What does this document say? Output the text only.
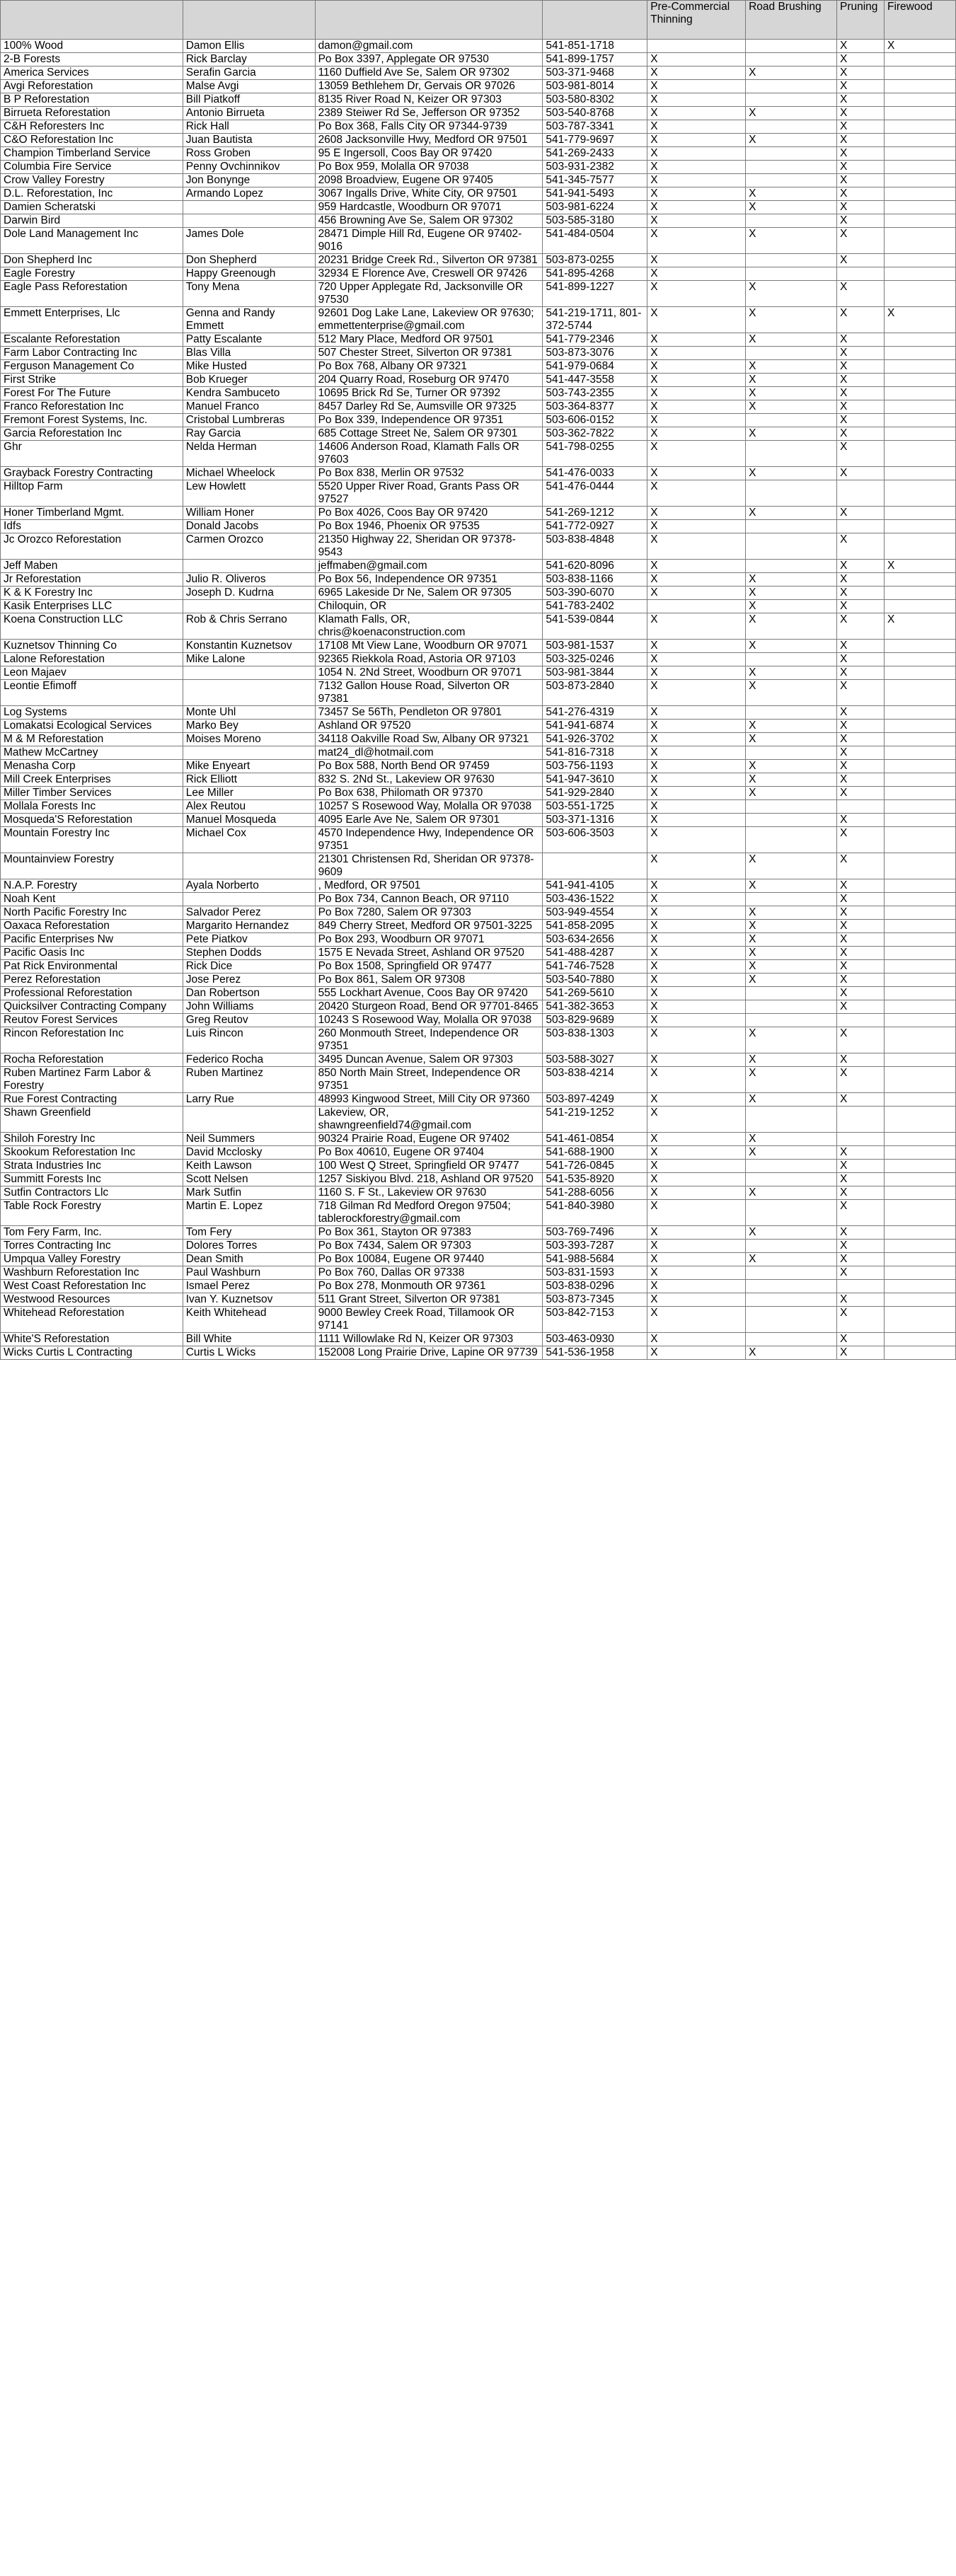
				Pre-Commercial Thinning	Road Brushing	Pruning	Firewood
100% Wood	Damon Ellis	damon@gmail.com	541-851-1718			X	X
2-B Forests	Rick Barclay	Po Box 3397, Applegate OR 97530	541-899-1757	X		X	
America Services	Serafin Garcia	1160 Duffield Ave Se, Salem OR 97302	503-371-9468	X	X	X	
Avgi Reforestation	Malse Avgi	13059 Bethlehem Dr, Gervais OR 97026	503-981-8014	X		X	
B P Reforestation	Bill Piatkoff	8135 River Road N, Keizer OR 97303	503-580-8302	X		X	
Birrueta Reforestation	Antonio Birrueta	2389 Steiwer Rd Se, Jefferson OR 97352	503-540-8768	X	X	X	
C&H Reforesters Inc	Rick Hall	Po Box 368, Falls City OR 97344-9739	503-787-3341	X		X	
C&O Reforestation Inc	Juan Bautista	2608 Jacksonville Hwy, Medford OR 97501	541-779-9697	X	X	X	
Champion Timberland Service	Ross Groben	95 E Ingersoll, Coos Bay OR 97420	541-269-2433	X		X	
Columbia Fire Service	Penny Ovchinnikov	Po Box 959, Molalla OR 97038	503-931-2382	X		X	
Crow Valley Forestry	Jon Bonynge	2098 Broadview, Eugene OR 97405	541-345-7577	X		X	
D.L. Reforestation, Inc	Armando Lopez	3067 Ingalls Drive, White City, OR 97501	541-941-5493	X	X	X	
Damien Scheratski		959 Hardcastle, Woodburn OR 97071	503-981-6224	X	X	X	
Darwin Bird		456 Browning Ave Se, Salem OR 97302	503-585-3180	X		X	
Dole Land Management Inc	James Dole	28471 Dimple Hill Rd, Eugene OR 97402-9016	541-484-0504	X	X	X	
Don Shepherd Inc	Don Shepherd	20231 Bridge Creek Rd., Silverton OR 97381	503-873-0255	X		X	
Eagle Forestry	Happy Greenough	32934 E Florence Ave, Creswell OR 97426	541-895-4268	X			
Eagle Pass Reforestation	Tony Mena	720 Upper Applegate Rd, Jacksonville OR 97530	541-899-1227	X	X	X	
Emmett Enterprises, Llc	Genna and Randy Emmett	92601 Dog Lake Lane, Lakeview OR 97630; emmettenterprise@gmail.com	541-219-1711, 801-372-5744	X	X	X	X
Escalante Reforestation	Patty Escalante	512 Mary Place, Medford OR 97501	541-779-2346	X	X	X	
Farm Labor Contracting Inc	Blas Villa	507 Chester Street, Silverton OR 97381	503-873-3076	X		X	
Ferguson Management Co	Mike Husted	Po Box 768, Albany OR 97321	541-979-0684	X	X	X	
First Strike	Bob Krueger	204 Quarry Road, Roseburg OR 97470	541-447-3558	X	X	X	
Forest For The Future	Kendra Sambuceto	10695 Brick Rd Se, Turner OR 97392	503-743-2355	X	X	X	
Franco Reforestation Inc	Manuel Franco	8457 Darley Rd Se, Aumsville OR 97325	503-364-8377	X	X	X	
Fremont Forest Systems, Inc.	Cristobal Lumbreras	Po Box 339, Independence OR 97351	503-606-0152	X		X	
Garcia Reforestation Inc	Ray Garcia	685 Cottage Street Ne, Salem OR 97301	503-362-7822	X	X	X	
Ghr	Nelda Herman	14606 Anderson Road, Klamath Falls OR 97603	541-798-0255	X		X	
Grayback Forestry Contracting	Michael Wheelock	Po Box 838, Merlin OR 97532	541-476-0033	X	X	X	
Hilltop Farm	Lew Howlett	5520 Upper River Road, Grants Pass OR 97527	541-476-0444	X			
Honer Timberland Mgmt.	William Honer	Po Box 4026, Coos Bay OR 97420	541-269-1212	X	X	X	
Idfs	Donald Jacobs	Po Box 1946, Phoenix OR 97535	541-772-0927	X			
Jc Orozco Reforestation	Carmen Orozco	21350 Highway 22, Sheridan OR 97378-9543	503-838-4848	X		X	
Jeff Maben		jeffmaben@gmail.com	541-620-8096	X		X	X
Jr Reforestation	Julio R. Oliveros	Po Box 56, Independence OR 97351	503-838-1166	X	X	X	
K & K Forestry Inc	Joseph D. Kudrna	6965 Lakeside Dr Ne, Salem OR 97305	503-390-6070	X	X	X	
Kasik Enterprises LLC		Chiloquin, OR	541-783-2402		X	X	
Koena Construction LLC	Rob & Chris Serrano	Klamath Falls, OR, chris@koenaconstruction.com	541-539-0844	X	X	X	X
Kuznetsov Thinning Co	Konstantin Kuznetsov	17108 Mt View Lane, Woodburn OR 97071	503-981-1537	X	X	X	
Lalone Reforestation	Mike Lalone	92365 Riekkola Road, Astoria OR 97103	503-325-0246	X		X	
Leon Majaev		1054 N. 2Nd Street, Woodburn OR 97071	503-981-3844	X	X	X	
Leontie Efimoff		7132 Gallon House Road, Silverton OR 97381	503-873-2840	X	X	X	
Log Systems	Monte Uhl	73457 Se 56Th, Pendleton OR 97801	541-276-4319	X		X	
Lomakatsi Ecological Services	Marko Bey	Ashland OR 97520	541-941-6874	X	X	X	
M & M Reforestation	Moises Moreno	34118 Oakville Road Sw, Albany OR 97321	541-926-3702	X	X	X	
Mathew McCartney		mat24_dl@hotmail.com	541-816-7318	X		X	
Menasha Corp	Mike Enyeart	Po Box 588, North Bend OR 97459	503-756-1193	X	X	X	
Mill Creek Enterprises	Rick Elliott	832 S. 2Nd St., Lakeview OR 97630	541-947-3610	X	X	X	
Miller Timber Services	Lee Miller	Po Box 638, Philomath OR 97370	541-929-2840	X	X	X	
Mollala Forests Inc	Alex Reutou	10257 S Rosewood Way, Molalla OR 97038	503-551-1725	X			
Mosqueda'S Reforestation	Manuel Mosqueda	4095 Earle Ave Ne, Salem OR 97301	503-371-1316	X		X	
Mountain Forestry Inc	Michael Cox	4570 Independence Hwy, Independence OR 97351	503-606-3503	X		X	
Mountainview Forestry		21301 Christensen Rd, Sheridan OR 97378-9609		X	X	X	
N.A.P. Forestry	Ayala Norberto	, Medford, OR 97501	541-941-4105	X	X	X	
Noah Kent		Po Box 734, Cannon Beach, OR 97110	503-436-1522	X		X	
North Pacific Forestry Inc	Salvador Perez	Po Box 7280, Salem OR 97303	503-949-4554	X	X	X	
Oaxaca Reforestation	Margarito Hernandez	849 Cherry Street, Medford OR 97501-3225	541-858-2095	X	X	X	
Pacific Enterprises Nw	Pete Piatkov	Po Box 293, Woodburn OR 97071	503-634-2656	X	X	X	
Pacific Oasis Inc	Stephen Dodds	1575 E Nevada Street, Ashland OR 97520	541-488-4287	X	X	X	
Pat Rick Environmental	Rick Dice	Po Box 1508, Springfield OR 97477	541-746-7528	X	X	X	
Perez Reforestation	Jose Perez	Po Box 861, Salem OR 97308	503-540-7880	X	X	X	
Professional Reforestation	Dan Robertson	555 Lockhart Avenue, Coos Bay OR 97420	541-269-5610	X		X	
Quicksilver Contracting Company	John Williams	20420 Sturgeon Road, Bend OR 97701-8465	541-382-3653	X		X	
Reutov Forest Services	Greg Reutov	10243 S Rosewood Way, Molalla OR 97038	503-829-9689	X			
Rincon Reforestation Inc	Luis Rincon	260 Monmouth Street, Independence OR 97351	503-838-1303	X	X	X	
Rocha Reforestation	Federico Rocha	3495 Duncan Avenue, Salem OR 97303	503-588-3027	X	X	X	
Ruben Martinez Farm Labor & Forestry	Ruben Martinez	850 North Main Street, Independence OR 97351	503-838-4214	X	X	X	
Rue Forest Contracting	Larry Rue	48993 Kingwood Street, Mill City OR 97360	503-897-4249	X	X	X	
Shawn Greenfield		Lakeview, OR, shawngreenfield74@gmail.com	541-219-1252	X			
Shiloh Forestry Inc	Neil Summers	90324 Prairie Road, Eugene OR 97402	541-461-0854	X	X		
Skookum Reforestation Inc	David Mcclosky	Po Box 40610, Eugene OR 97404	541-688-1900	X	X	X	
Strata Industries Inc	Keith Lawson	100 West Q Street, Springfield OR 97477	541-726-0845	X		X	
Summitt Forests Inc	Scott Nelsen	1257 Siskiyou Blvd. 218, Ashland OR 97520	541-535-8920	X		X	
Sutfin Contractors Llc	Mark Sutfin	1160 S. F St., Lakeview OR 97630	541-288-6056	X	X	X	
Table Rock Forestry	Martin E. Lopez	718 Gilman Rd Medford Oregon 97504; tablerockforestry@gmail.com	541-840-3980	X		X	
Tom Fery Farm, Inc.	Tom Fery	Po Box 361, Stayton OR 97383	503-769-7496	X	X	X	
Torres Contracting Inc	Dolores Torres	Po Box 7434, Salem OR 97303	503-393-7287	X		X	
Umpqua Valley Forestry	Dean Smith	Po Box 10084, Eugene OR 97440	541-988-5684	X	X	X	
Washburn Reforestation Inc	Paul Washburn	Po Box 760, Dallas OR 97338	503-831-1593	X		X	
West Coast Reforestation Inc	Ismael Perez	Po Box 278, Monmouth OR 97361	503-838-0296	X			
Westwood Resources	Ivan Y. Kuznetsov	511 Grant Street, Silverton OR 97381	503-873-7345	X		X	
Whitehead Reforestation	Keith Whitehead	9000 Bewley Creek Road, Tillamook OR 97141	503-842-7153	X		X	
White'S Reforestation	Bill White	1111 Willowlake Rd N, Keizer OR 97303	503-463-0930	X		X	
Wicks Curtis L Contracting	Curtis L Wicks	152008 Long Prairie Drive, Lapine OR 97739	541-536-1958	X	X	X	
